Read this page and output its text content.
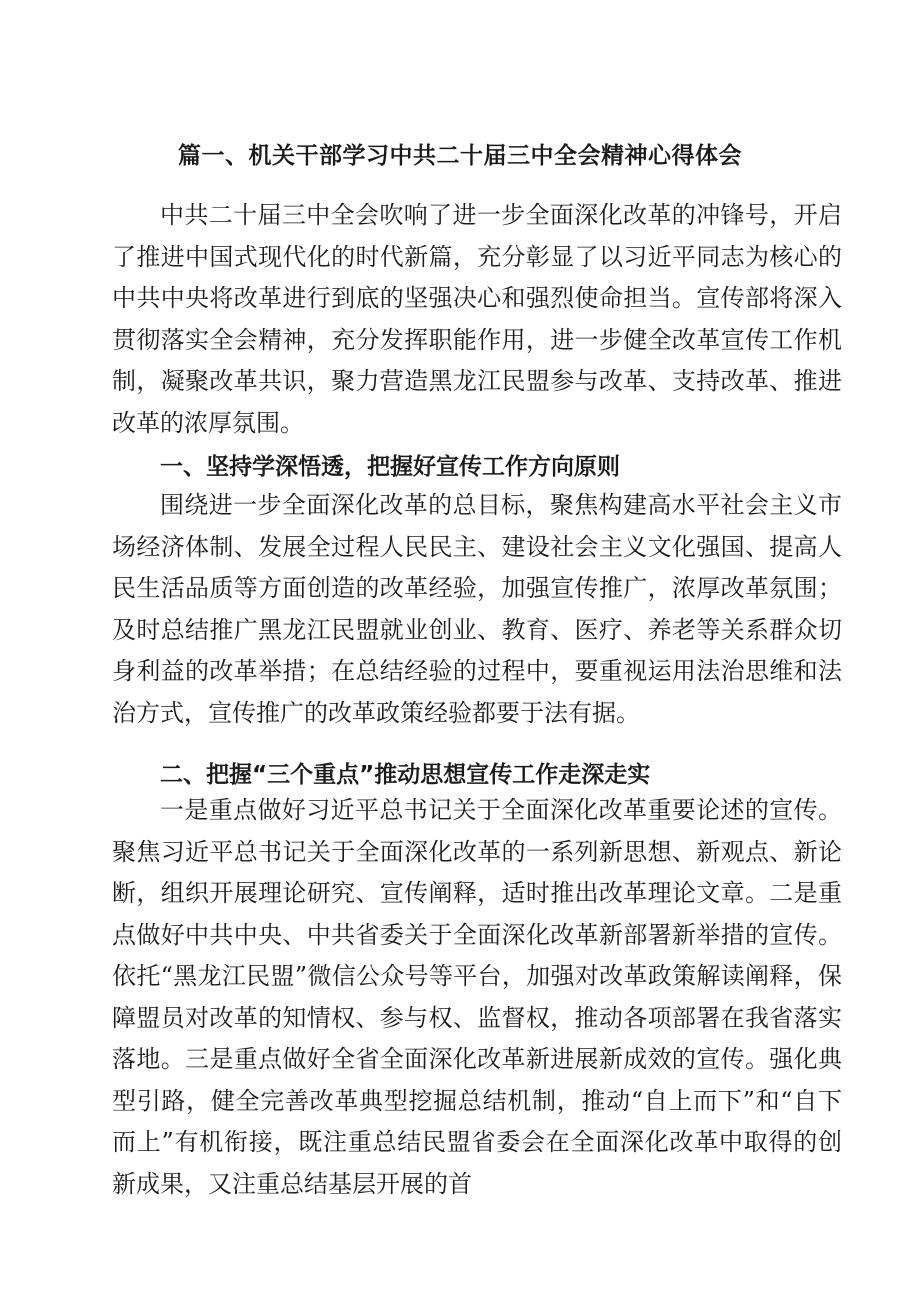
篇一、机关干部学习中共二十届三中全会精神心得体会

中共二十届三中全会吹响了进一步全面深化改革的冲锋号，开启了推进中国式现代化的时代新篇，充分彰显了以习近平同志为核心的中共中央将改革进行到底的坚强决心和强烈使命担当。宣传部将深入贯彻落实全会精神，充分发挥职能作用，进一步健全改革宣传工作机制，凝聚改革共识，聚力营造黑龙江民盟参与改革、支持改革、推进改革的浓厚氛围。

一、坚持学深悟透，把握好宣传工作方向原则

围绕进一步全面深化改革的总目标，聚焦构建高水平社会主义市场经济体制、发展全过程人民民主、建设社会主义文化强国、提高人民生活品质等方面创造的改革经验，加强宣传推广，浓厚改革氛围；及时总结推广黑龙江民盟就业创业、教育、医疗、养老等关系群众切身利益的改革举措；在总结经验的过程中，要重视运用法治思维和法治方式，宣传推广的改革政策经验都要于法有据。

二、把握“三个重点”推动思想宣传工作走深走实

一是重点做好习近平总书记关于全面深化改革重要论述的宣传。聚焦习近平总书记关于全面深化改革的一系列新思想、新观点、新论断，组织开展理论研究、宣传阐释，适时推出改革理论文章。二是重点做好中共中央、中共省委关于全面深化改革新部署新举措的宣传。依托“黑龙江民盟”微信公众号等平台，加强对改革政策解读阐释，保障盟员对改革的知情权、参与权、监督权，推动各项部署在我省落实落地。三是重点做好全省全面深化改革新进展新成效的宣传。强化典型引路，健全完善改革典型挖掘总结机制，推动“自上而下”和“自下而上”有机衔接，既注重总结民盟省委会在全面深化改革中取得的创新成果，又注重总结基层开展的首
